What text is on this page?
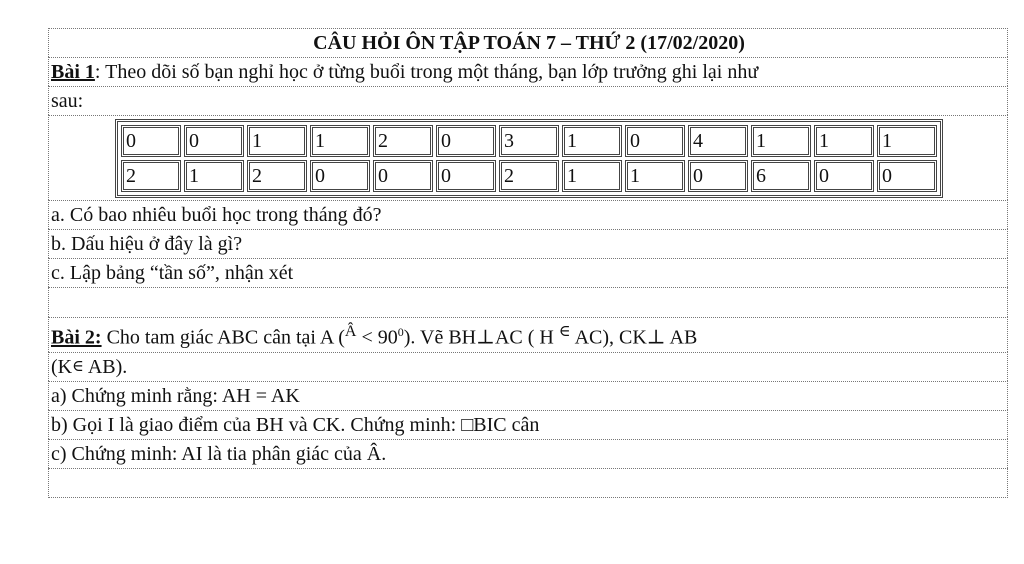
CÂU HỎI ÔN TẬP TOÁN 7 – THỨ 2 (17/02/2020)
Bài 1: Theo dõi số bạn nghỉ học ở từng buổi trong một tháng, bạn lớp trưởng ghi lại như
sau:
0	0	1	1	2	0	3	1	0	4	1	1	1
2	1	2	0	0	0	2	1	1	0	6	0	0
a. Có bao nhiêu buổi học trong tháng đó?
b. Dấu hiệu ở đây là gì?
c. Lập bảng “tần số”, nhận xét
Bài 2: Cho tam giác ABC cân tại A $(^Â < 90^0)$. Vẽ BH⊥AC ( H ∈ AC), CK⊥ AB
(K∈ AB).
a) Chứng minh rằng: AH = AK
b) Gọi I là giao điểm của BH và CK. Chứng minh: □BIC cân
c) Chứng minh: AI là tia phân giác của Â.
